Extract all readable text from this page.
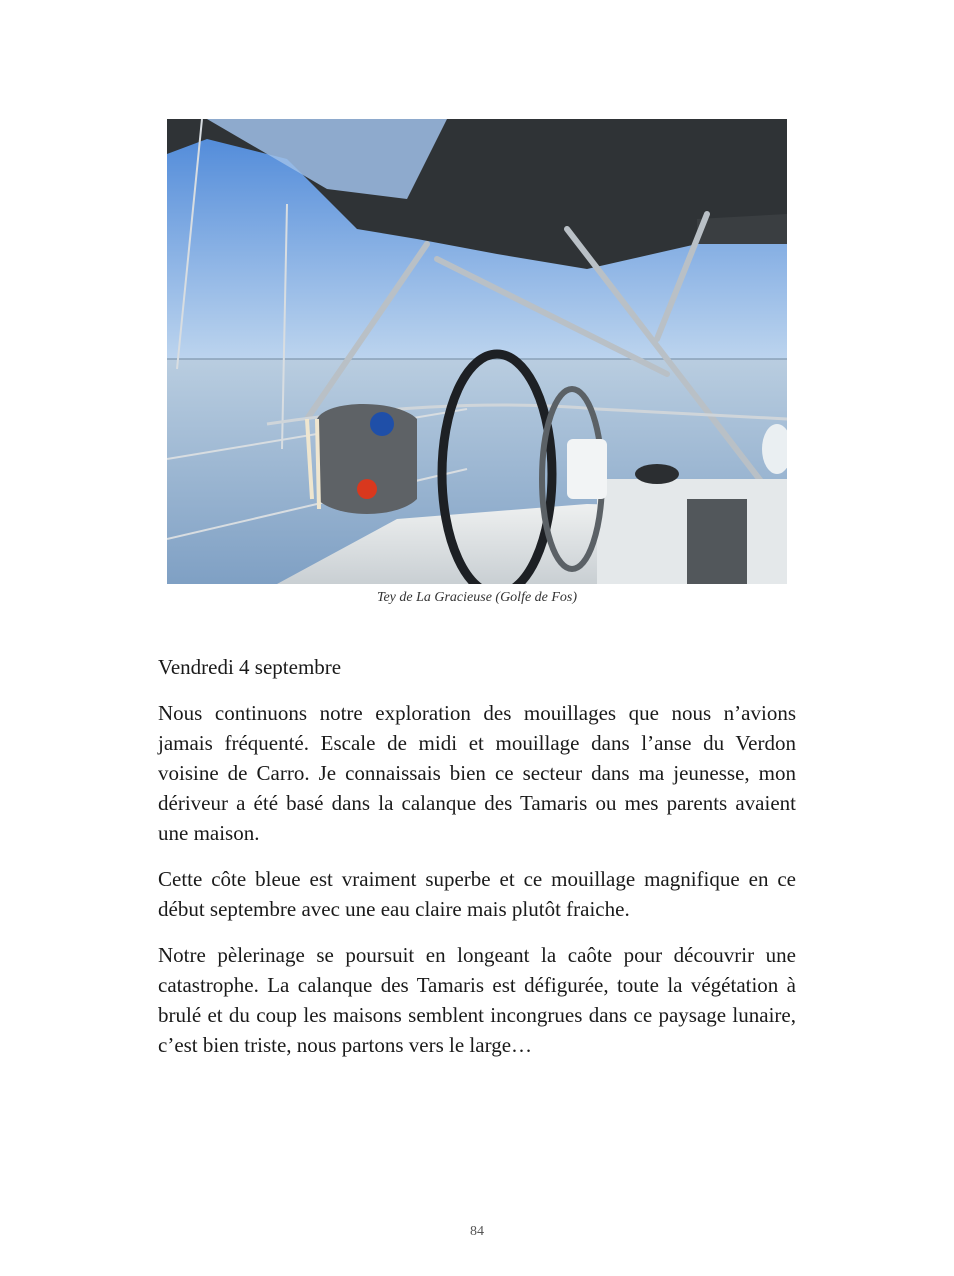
Tey de La Gracieuse (Golfe de Fos)
Vendredi 4 septembre

Nous continuons notre exploration des mouillages que nous n’avions jamais fréquenté. Escale de midi et mouillage dans l’anse du Verdon voisine de Carro. Je connaissais bien ce secteur dans ma jeunesse, mon dériveur a été basé dans la calanque des Tamaris ou mes parents avaient une maison.

Cette côte bleue est vraiment superbe et ce mouillage magnifique en ce début septembre avec une eau claire mais plutôt fraiche.

Notre pèlerinage se poursuit en longeant la caôte pour découvrir une catastrophe. La calanque des Tamaris est défigurée, toute la végétation à brulé et du coup les maisons semblent incongrues dans ce paysage lunaire, c’est bien triste, nous partons vers le large…

84
